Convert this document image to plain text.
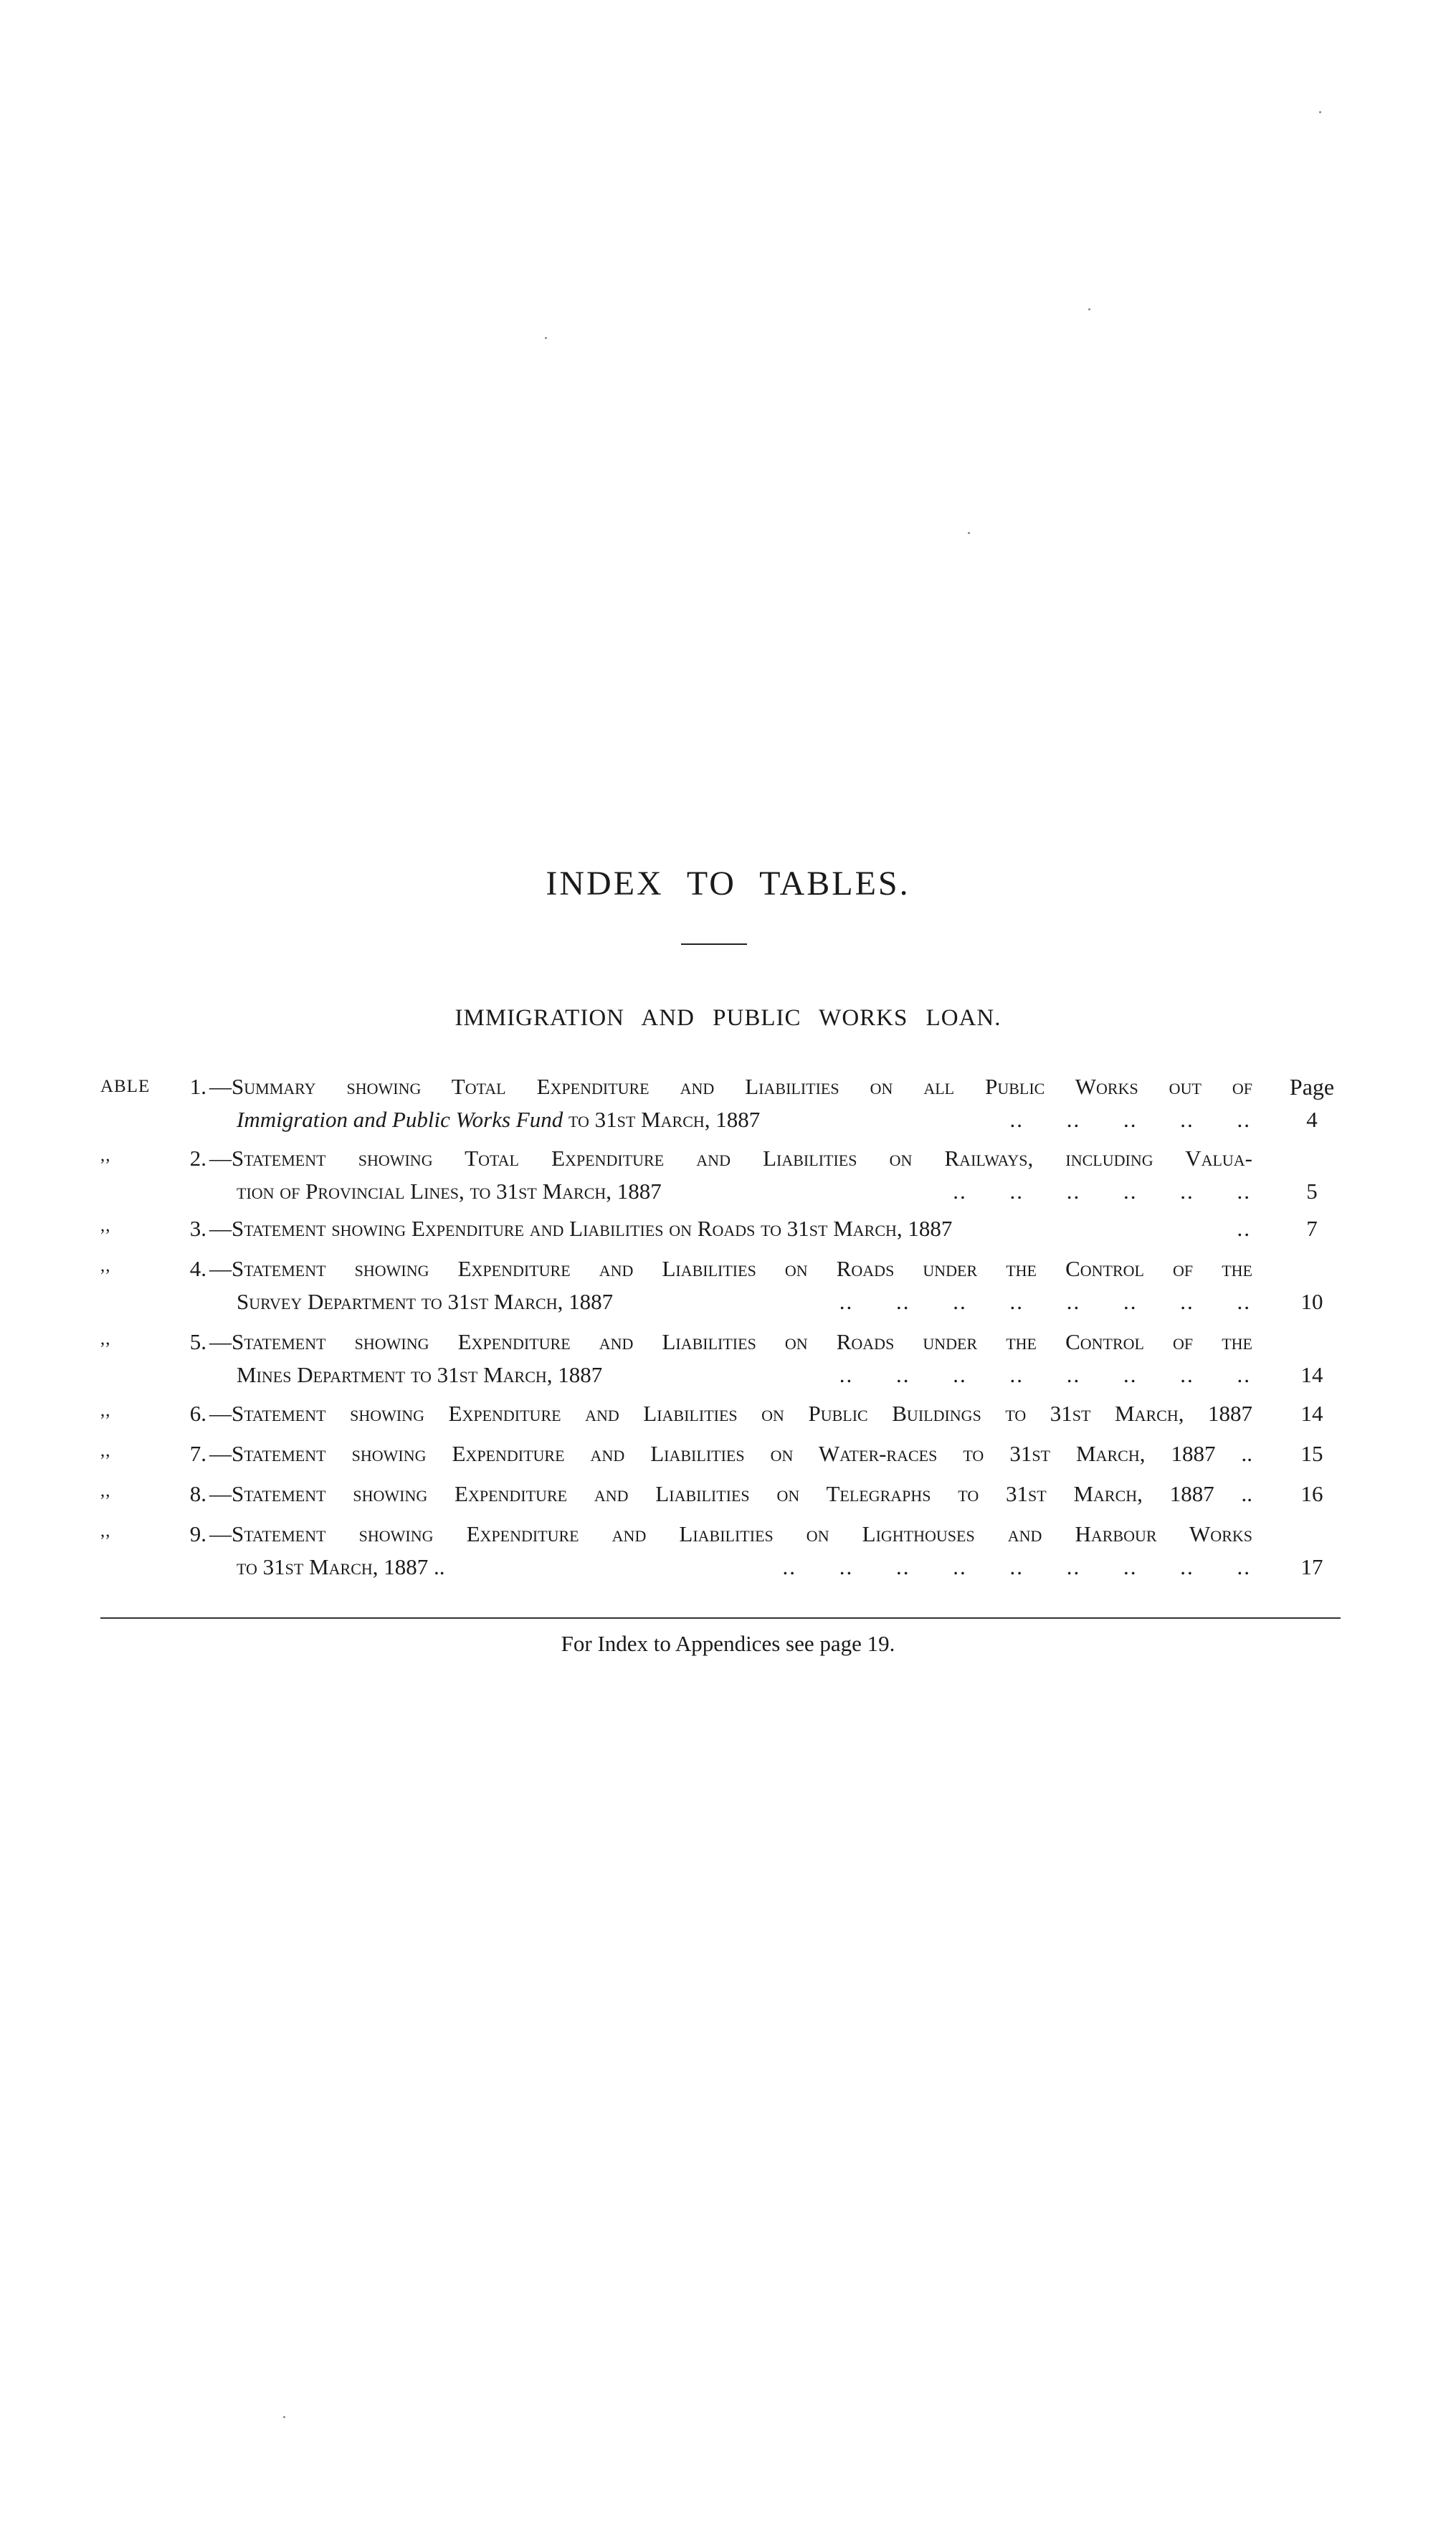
INDEX TO TABLES.
IMMIGRATION AND PUBLIC WORKS LOAN.
Page
ABLE	1. —Summary showing Total Expenditure and Liabilities on all Public Works out of
Immigration and Public Works Fund to 31st March, 1887	.. .. .. .. ..	4
,,	2. —Statement showing Total Expenditure and Liabilities on Railways, including Valua-
tion of Provincial Lines, to 31st March, 1887	.. .. .. .. .. ..	5
,,	3. —Statement showing Expenditure and Liabilities on Roads to 31st March, 1887	..	7
,,	4. —Statement showing Expenditure and Liabilities on Roads under the Control of the
Survey Department to 31st March, 1887	.. .. .. .. .. .. .. ..	10
,,	5. —Statement showing Expenditure and Liabilities on Roads under the Control of the
Mines Department to 31st March, 1887	.. .. .. .. .. .. .. ..	14
,,	6. —Statement showing Expenditure and Liabilities on Public Buildings to 31st March, 1887	14
,,	7. —Statement showing Expenditure and Liabilities on Water-races to 31st March, 1887 ..	15
,,	8. —Statement showing Expenditure and Liabilities on Telegraphs to 31st March, 1887 ..	16
,,	9. —Statement showing Expenditure and Liabilities on Lighthouses and Harbour Works
to 31st March, 1887 ..	.. .. .. .. .. .. .. .. ..	17
For Index to Appendices see page 19.
